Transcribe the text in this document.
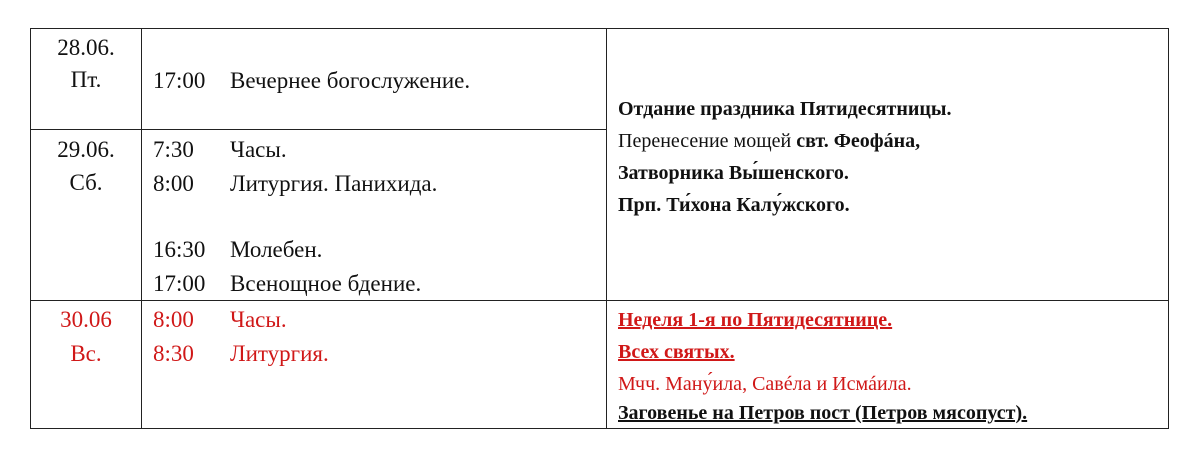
28.06.
Пт.	17:00 Вечернее богослужение.
29.06.
Сб.
7:30 Часы.
8:00 Литургия. Панихида.
16:30 Молебен.
17:00 Всенощное бдение.
Отдание праздника Пятидесятницы.
Перенесение мощей свт. Феофáна,
Затворника Вы́шенского.
Прп. Ти́хона Калу́жского.
30.06
Вс.
8:00 Часы.
8:30 Литургия.
Неделя 1-я по Пятидесятнице.
Всех святых.
Мчч. Ману́ила, Савéла и Исмáила.
Заговенье на Петров пост (Петров мясопуст).
